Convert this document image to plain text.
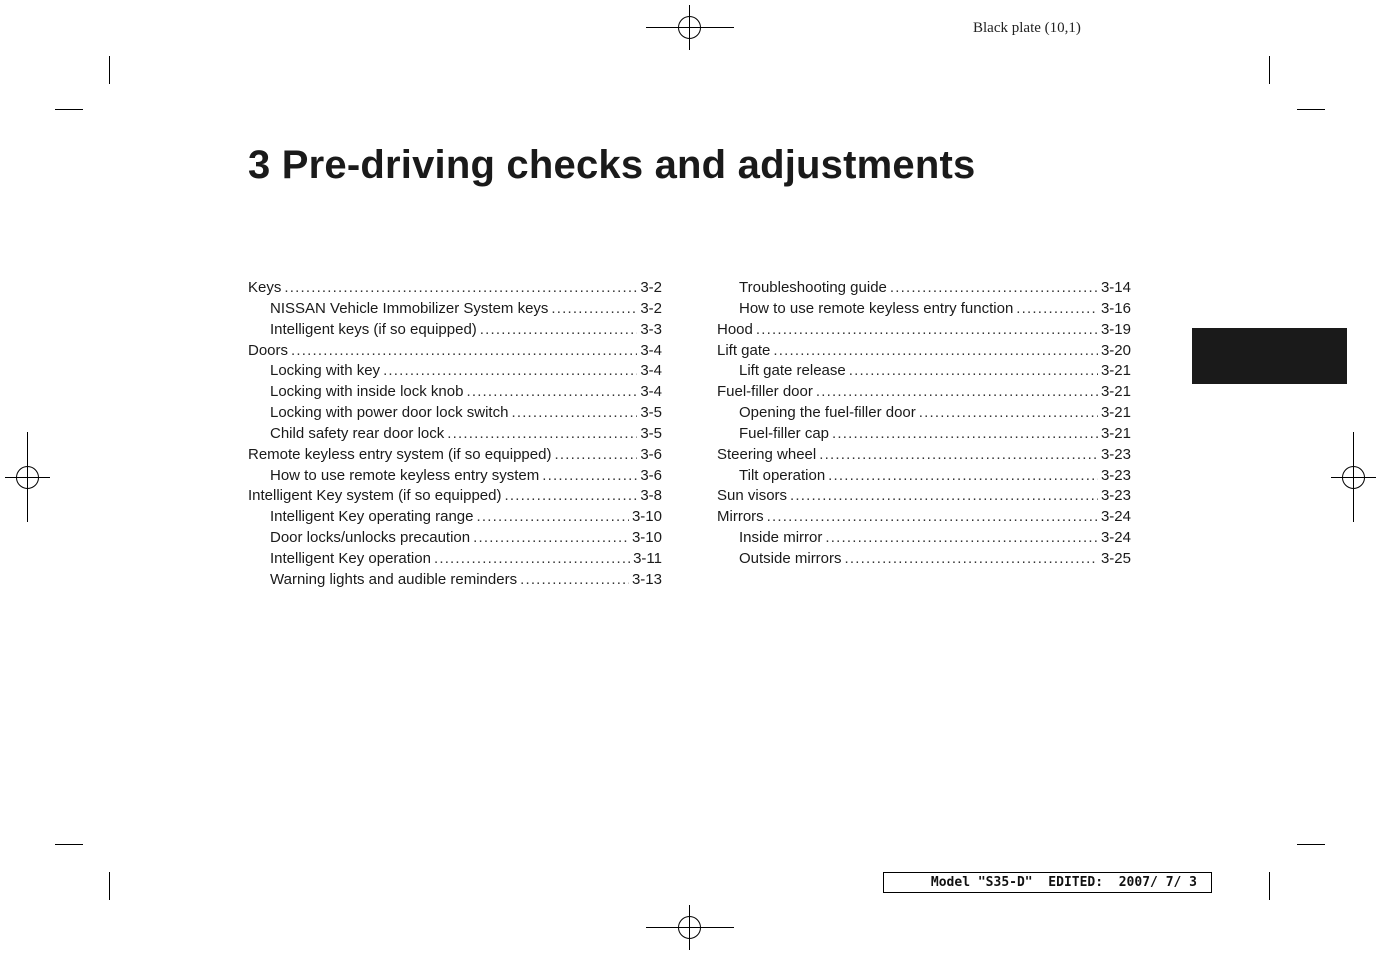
Black plate (10,1)
3 Pre-driving checks and adjustments
Keys .....	3-2
NISSAN Vehicle Immobilizer System keys .....	3-2
Intelligent keys (if so equipped) .....	3-3
Doors .....	3-4
Locking with key .....	3-4
Locking with inside lock knob .....	3-4
Locking with power door lock switch .....	3-5
Child safety rear door lock .....	3-5
Remote keyless entry system (if so equipped) .....	3-6
How to use remote keyless entry system .....	3-6
Intelligent Key system (if so equipped) .....	3-8
Intelligent Key operating range .....	3-10
Door locks/unlocks precaution .....	3-10
Intelligent Key operation .....	3-11
Warning lights and audible reminders .....	3-13
Troubleshooting guide .....	3-14
How to use remote keyless entry function .....	3-16
Hood .....	3-19
Lift gate .....	3-20
Lift gate release .....	3-21
Fuel-filler door .....	3-21
Opening the fuel-filler door .....	3-21
Fuel-filler cap .....	3-21
Steering wheel .....	3-23
Tilt operation .....	3-23
Sun visors .....	3-23
Mirrors .....	3-24
Inside mirror .....	3-24
Outside mirrors .....	3-25
Model "S35-D"  EDITED:  2007/ 7/ 3
